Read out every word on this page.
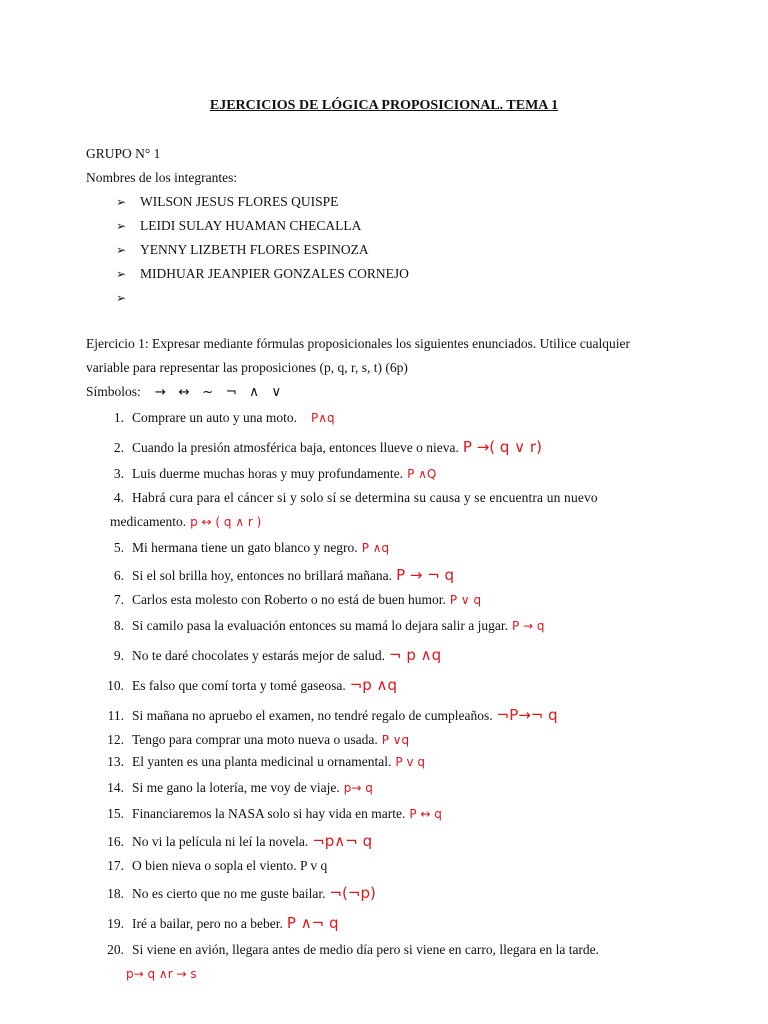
EJERCICIOS DE LÓGICA PROPOSICIONAL. TEMA 1
GRUPO N° 1
Nombres de los integrantes:
➢ WILSON JESUS FLORES QUISPE
➢ LEIDI SULAY HUAMAN CHECALLA
➢ YENNY LIZBETH FLORES ESPINOZA
➢ MIDHUAR JEANPIER GONZALES CORNEJO
➢
Ejercicio 1: Expresar mediante fórmulas proposicionales los siguientes enunciados. Utilice cualquier
variable para representar las proposiciones (p, q, r, s, t) (6p)
Símbolos: → ↔ ~ ¬ ∧ ∨
1. Comprare un auto y una moto. P∧q
2. Cuando la presión atmosférica baja, entonces llueve o nieva. P →( q ∨ r)
3. Luis duerme muchas horas y muy profundamente. P ∧Q
4. Habrá cura para el cáncer si y solo sí se determina su causa y se encuentra un nuevo
medicamento. p ↔ ( q ∧ r )
5. Mi hermana tiene un gato blanco y negro. P ∧q
6. Si el sol brilla hoy, entonces no brillará mañana. P → ¬ q
7. Carlos esta molesto con Roberto o no está de buen humor. P ∨ q
8. Si camilo pasa la evaluación entonces su mamá lo dejara salir a jugar. P → q
9. No te daré chocolates y estarás mejor de salud. ¬ p ∧q
10. Es falso que comí torta y tomé gaseosa. ¬p ∧q
11. Si mañana no apruebo el examen, no tendré regalo de cumpleaños. ¬P→¬ q
12. Tengo para comprar una moto nueva o usada. P ∨q
13. El yanten es una planta medicinal u ornamental. P v q
14. Si me gano la lotería, me voy de viaje. p→ q
15. Financiaremos la NASA solo si hay vida en marte. P ↔ q
16. No vi la película ni leí la novela. ¬p∧¬ q
17. O bien nieva o sopla el viento. P v q
18. No es cierto que no me guste bailar. ¬(¬p)
19. Iré a bailar, pero no a beber. P ∧¬ q
20. Si viene en avión, llegara antes de medio día pero si viene en carro, llegara en la tarde.
p→ q ∧r → s
